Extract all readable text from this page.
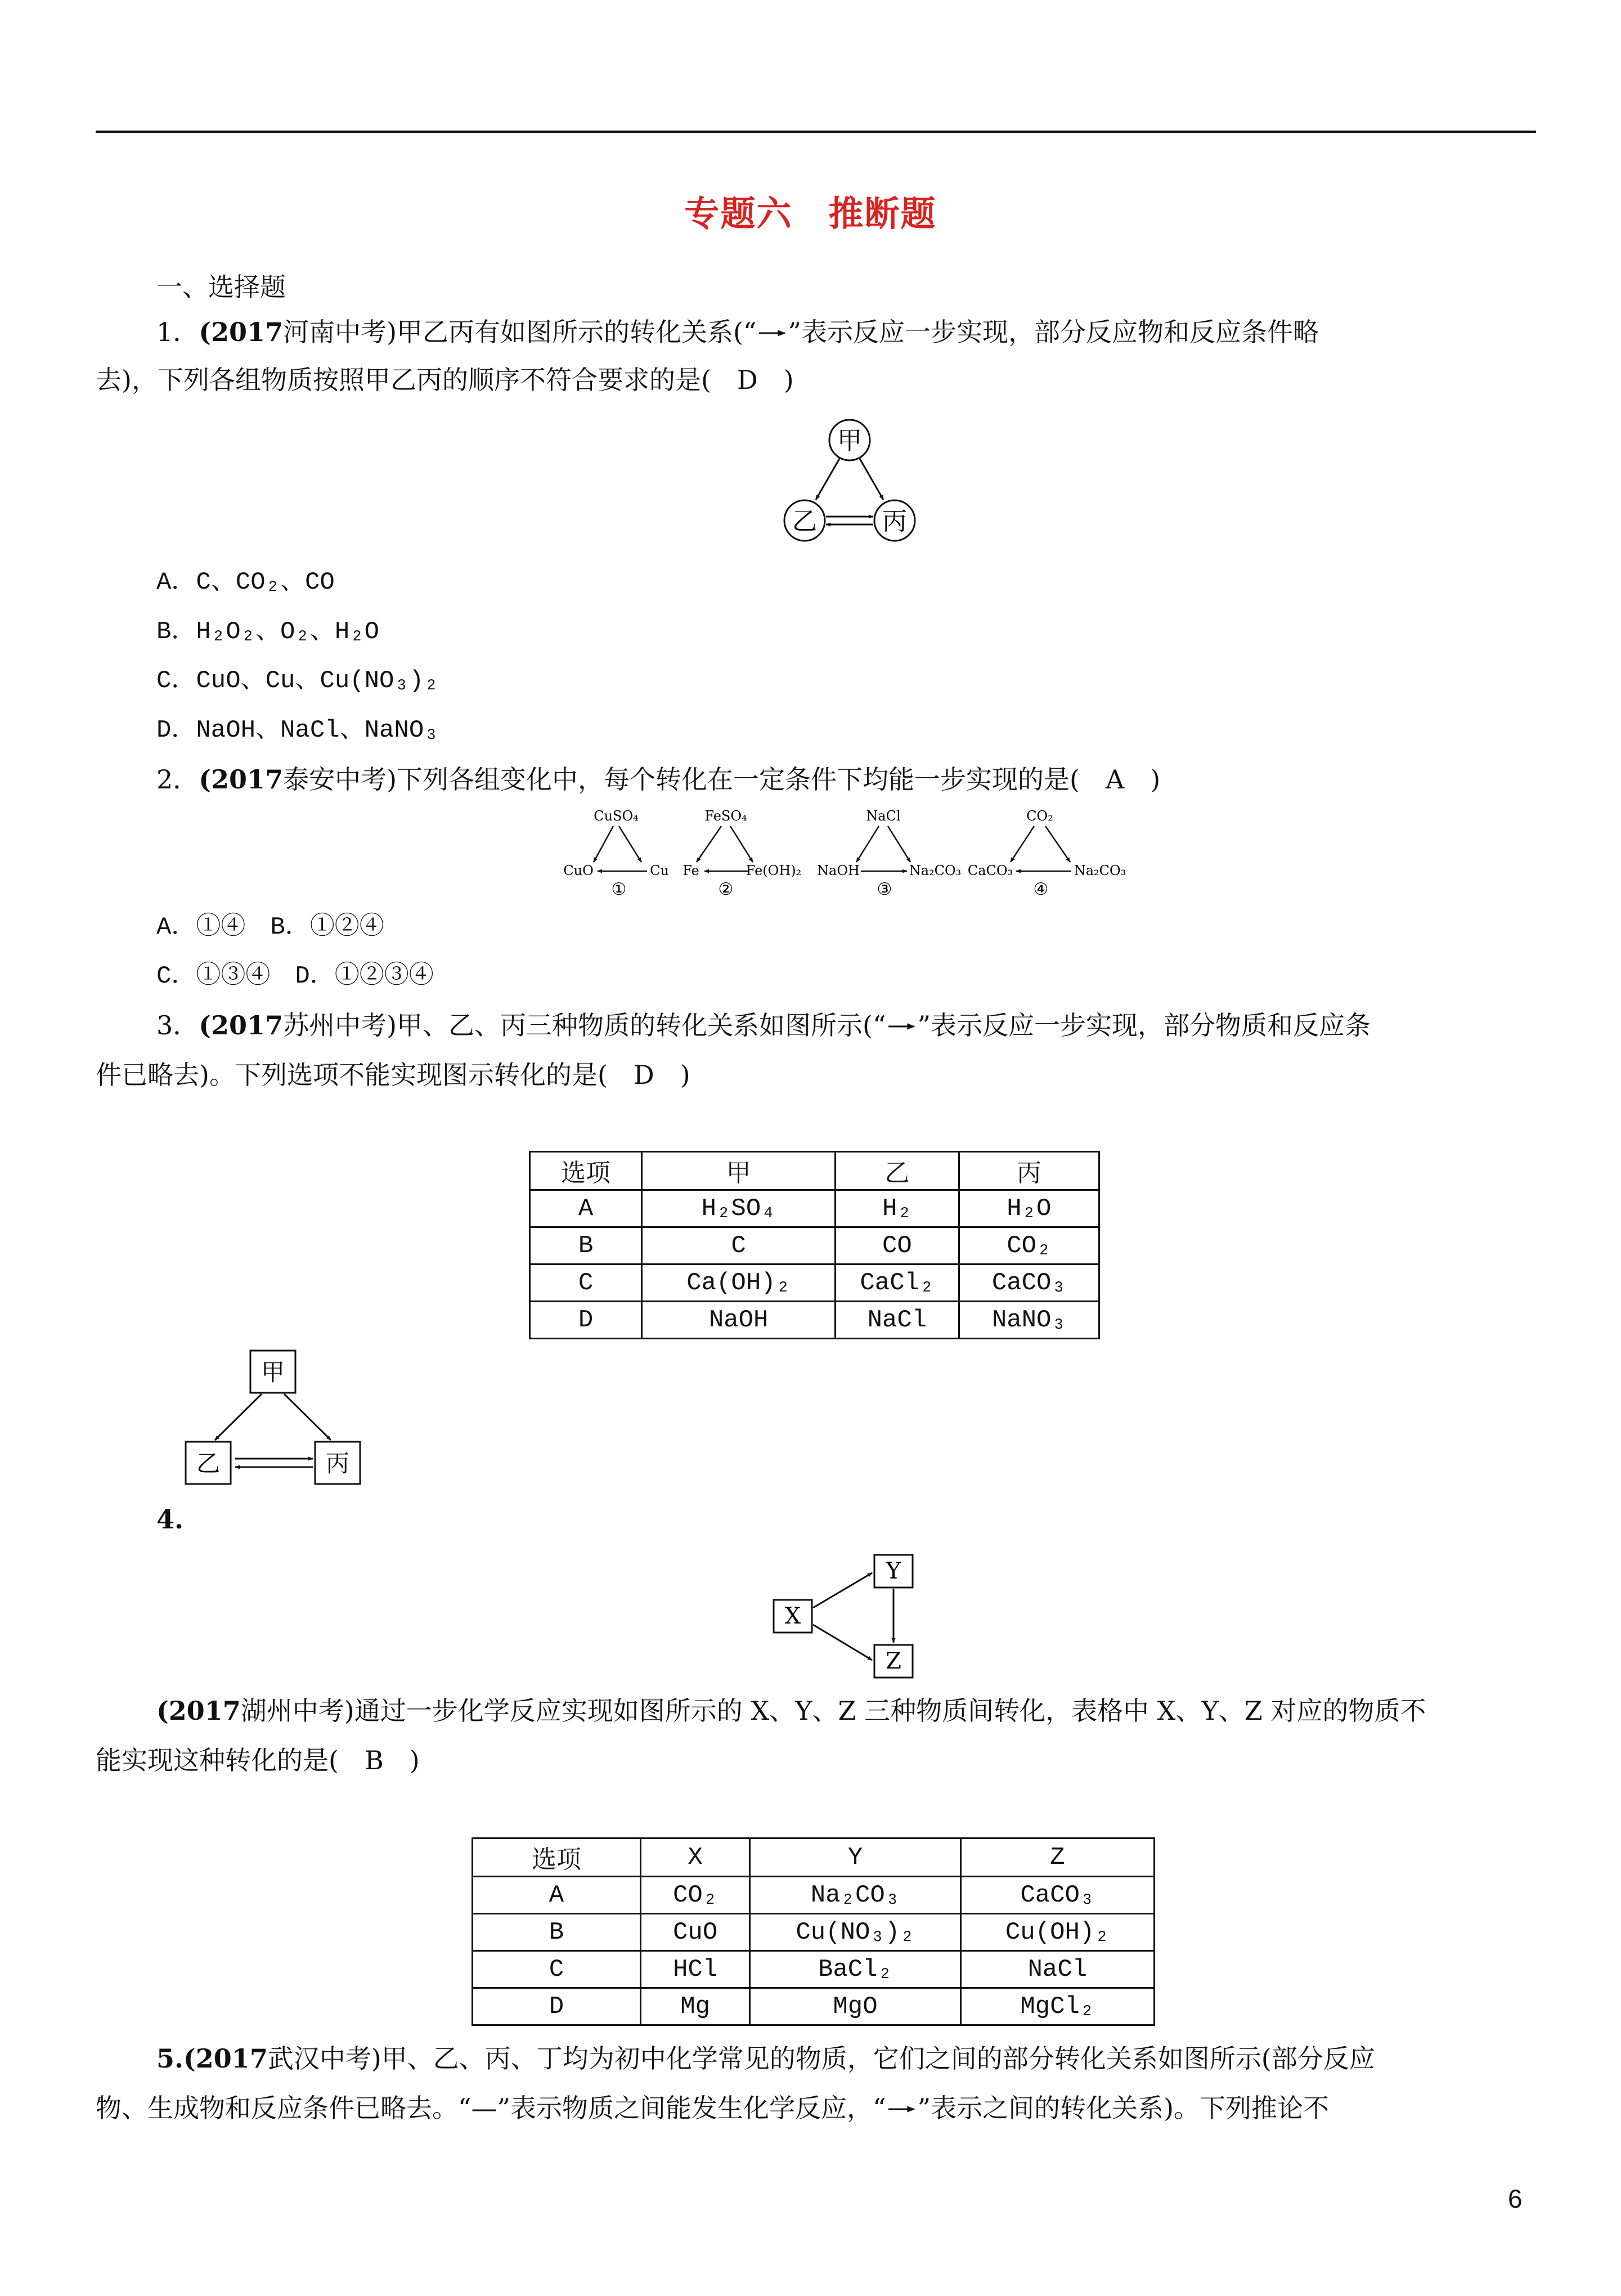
专题六　推断题
一、选择题
1．(2017河南中考)甲乙丙有如图所示的转化关系(“ ”表示反应一步实现，部分反应物和反应条件略
去)，下列各组物质按照甲乙丙的顺序不符合要求的是(　D　)
甲
乙	丙
A．C、CO₂、CO
B．H₂O₂、O₂、H₂O
C．CuO、Cu、Cu(NO₃)₂
D．NaOH、NaCl、NaNO₃
2．(2017泰安中考)下列各组变化中，每个转化在一定条件下均能一步实现的是(　A　)
CuSO₄
CuO	Cu
①
FeSO₄
Fe	Fe(OH)₂
②
NaCl
NaOH	Na₂CO₃
③
CO₂
CaCO₃	Na₂CO₃
④
A．①④　B．①②④
C．①③④　D．①②③④
3．(2017苏州中考)甲、乙、丙三种物质的转化关系如图所示(“ ”表示反应一步实现，部分物质和反应条
件已略去)。下列选项不能实现图示转化的是(　D　)
选项	甲	乙	丙
A	H₂SO₄	H₂	H₂O
B	C	CO	CO₂
C	Ca(OH)₂	CaCl₂	CaCO₃
D	NaOH	NaCl	NaNO₃
甲
乙	丙
4.
X
Y
Z
(2017湖州中考)通过一步化学反应实现如图所示的 X、Y、Z 三种物质间转化，表格中 X、Y、Z 对应的物质不
能实现这种转化的是(　B　)
选项	X	Y	Z
A	CO₂	Na₂CO₃	CaCO₃
B	CuO	Cu(NO₃)₂	Cu(OH)₂
C	HCl	BaCl₂	NaCl
D	Mg	MgO	MgCl₂
5.(2017武汉中考)甲、乙、丙、丁均为初中化学常见的物质，它们之间的部分转化关系如图所示(部分反应
物、生成物和反应条件已略去。“—”表示物质之间能发生化学反应，“ ”表示之间的转化关系)。下列推论不
6
